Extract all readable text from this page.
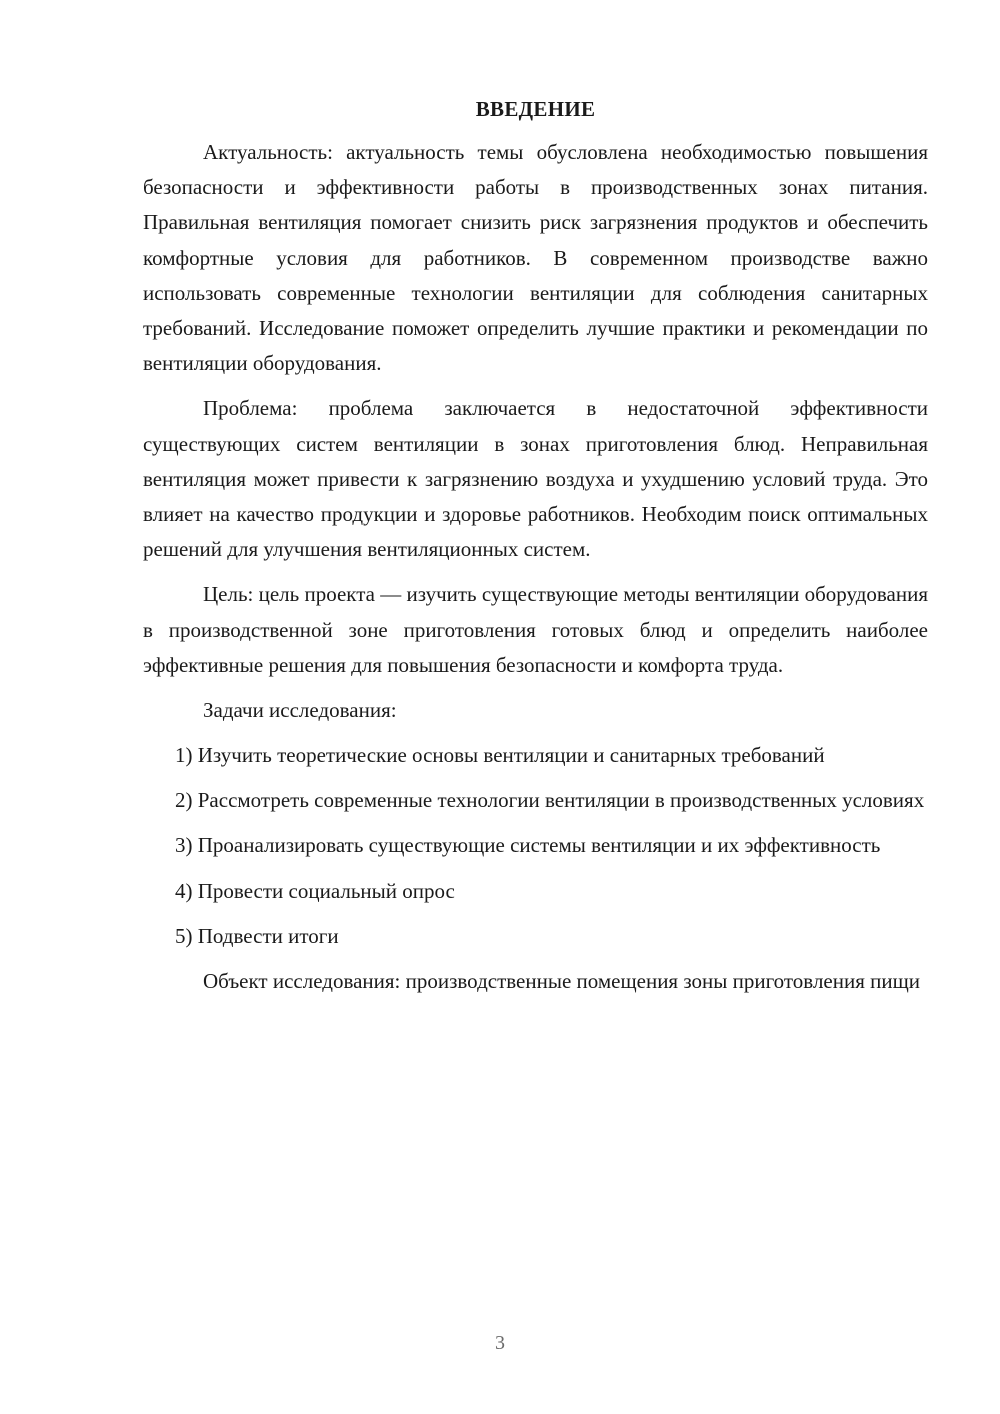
ВВЕДЕНИЕ

Актуальность: актуальность темы обусловлена необходимостью повышения безопасности и эффективности работы в производственных зонах питания. Правильная вентиляция помогает снизить риск загрязнения продуктов и обеспечить комфортные условия для работников. В современном производстве важно использовать современные технологии вентиляции для соблюдения санитарных требований. Исследование поможет определить лучшие практики и рекомендации по вентиляции оборудования.

Проблема: проблема заключается в недостаточной эффективности существующих систем вентиляции в зонах приготовления блюд. Неправильная вентиляция может привести к загрязнению воздуха и ухудшению условий труда. Это влияет на качество продукции и здоровье работников. Необходим поиск оптимальных решений для улучшения вентиляционных систем.

Цель: цель проекта — изучить существующие методы вентиляции оборудования в производственной зоне приготовления готовых блюд и определить наиболее эффективные решения для повышения безопасности и комфорта труда.

Задачи исследования:

1) Изучить теоретические основы вентиляции и санитарных требований

2) Рассмотреть современные технологии вентиляции в производственных условиях

3) Проанализировать существующие системы вентиляции и их эффективность

4) Провести социальный опрос

5) Подвести итоги

Объект исследования: производственные помещения зоны приготовления пищи

3
